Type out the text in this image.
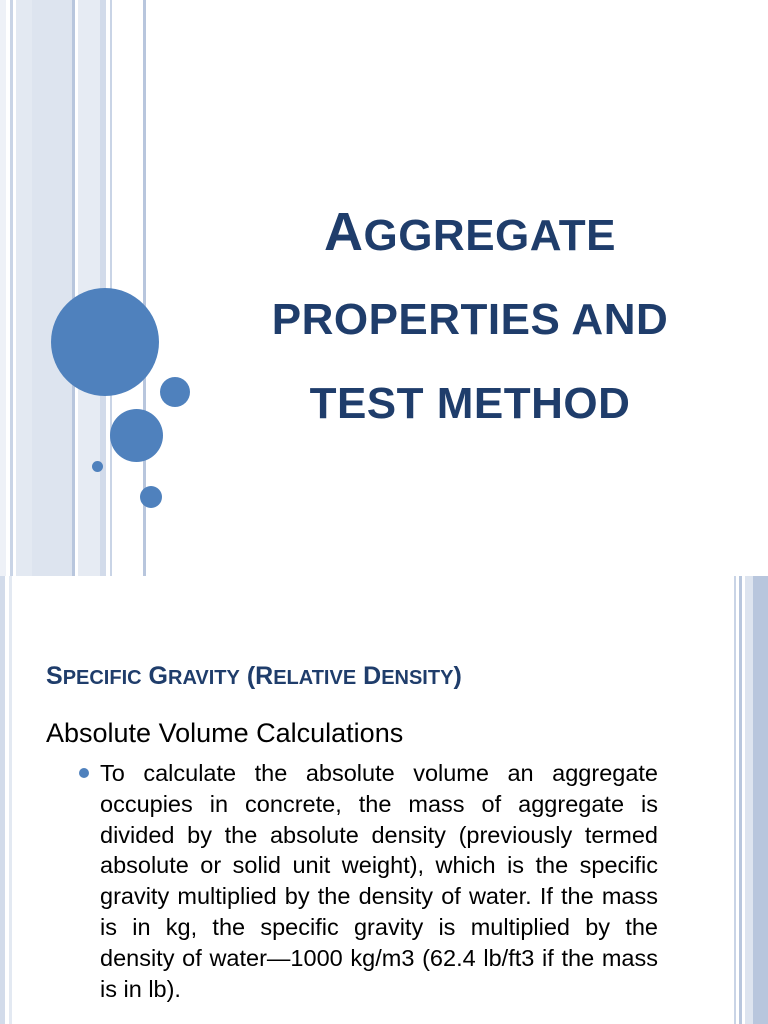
AGGREGATE
PROPERTIES AND
TEST METHOD
SPECIFIC GRAVITY (RELATIVE DENSITY)
Absolute Volume Calculations

To calculate the absolute volume an aggregate occupies in concrete, the mass of aggregate is divided by the absolute density (previously termed absolute or solid unit weight), which is the specific gravity multiplied by the density of water. If the mass is in kg, the specific gravity is multiplied by the density of water—1000 kg/m3 (62.4 lb/ft3 if the mass is in lb).
